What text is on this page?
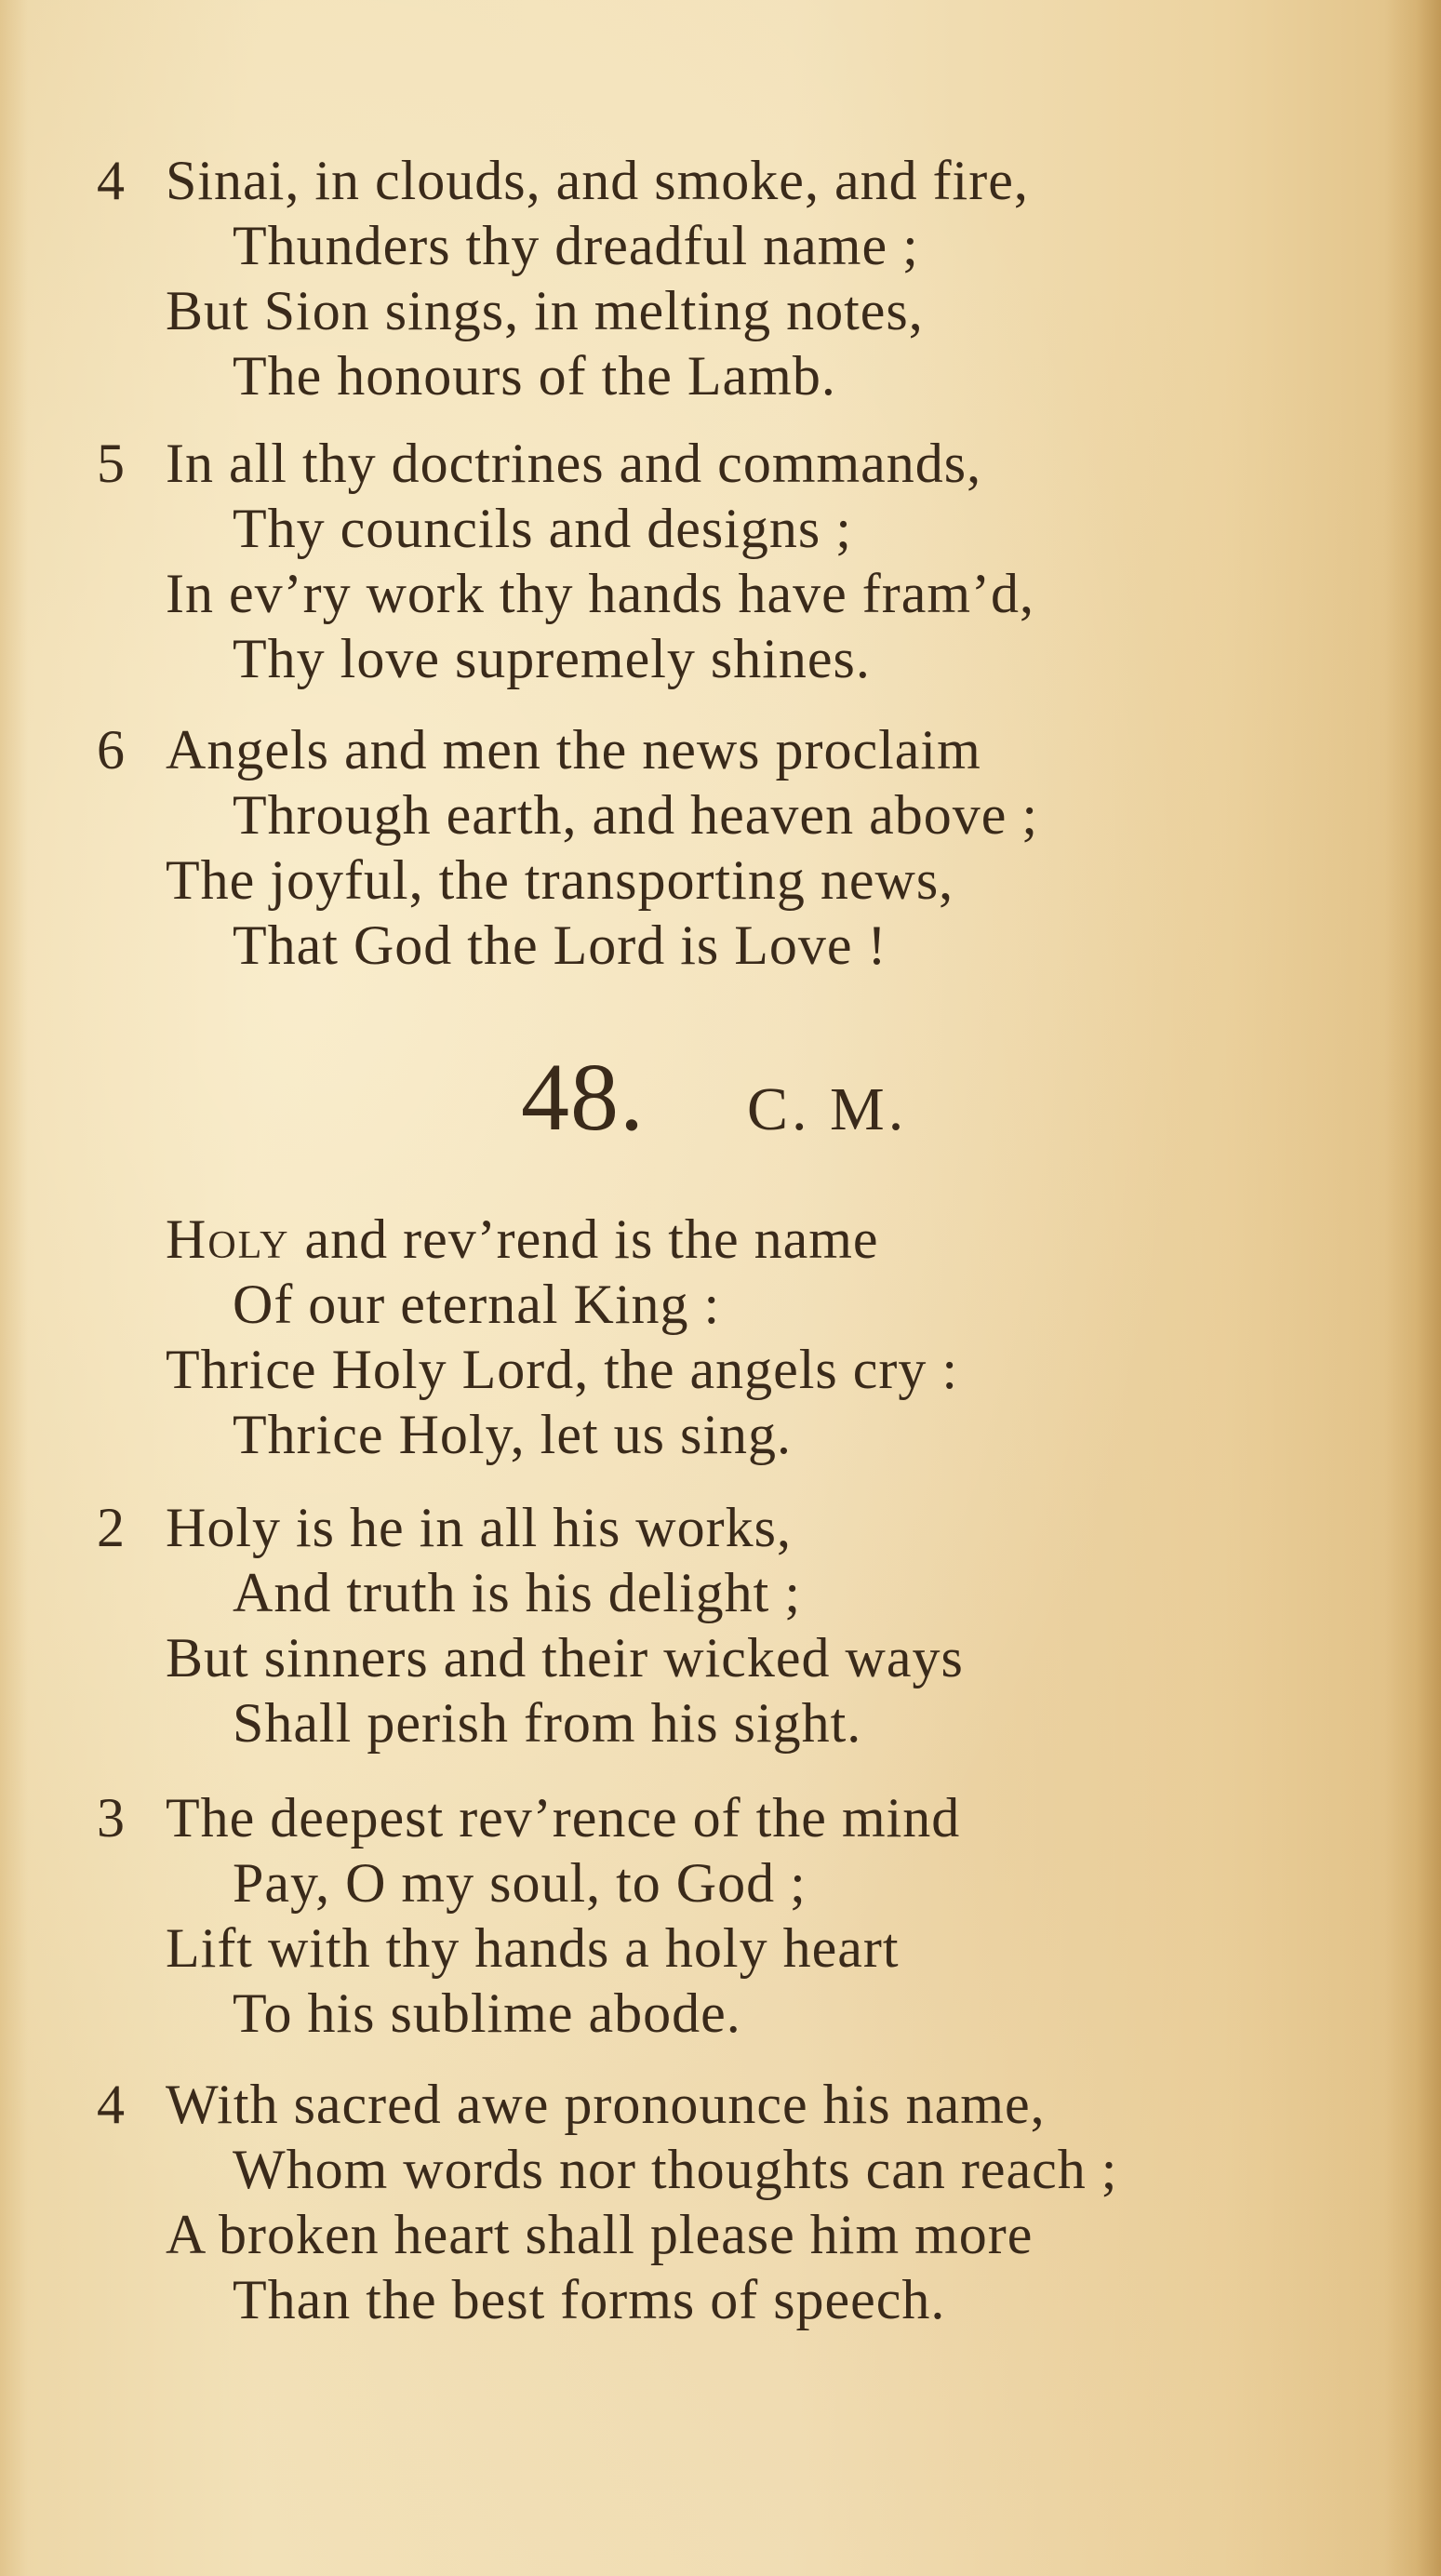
4 Sinai, in clouds, and smoke, and fire,
Thunders thy dreadful name ;
But Sion sings, in melting notes,
The honours of the Lamb.
5 In all thy doctrines and commands,
Thy councils and designs ;
In ev’ry work thy hands have fram’d,
Thy love supremely shines.
6 Angels and men the news proclaim
Through earth, and heaven above ;
The joyful, the transporting news,
That God the Lord is Love !
48. C. M.
Holy and rev’rend is the name
Of our eternal King :
Thrice Holy Lord, the angels cry :
Thrice Holy, let us sing.
2 Holy is he in all his works,
And truth is his delight ;
But sinners and their wicked ways
Shall perish from his sight.
3 The deepest rev’rence of the mind
Pay, O my soul, to God ;
Lift with thy hands a holy heart
To his sublime abode.
4 With sacred awe pronounce his name,
Whom words nor thoughts can reach ;
A broken heart shall please him more
Than the best forms of speech.
